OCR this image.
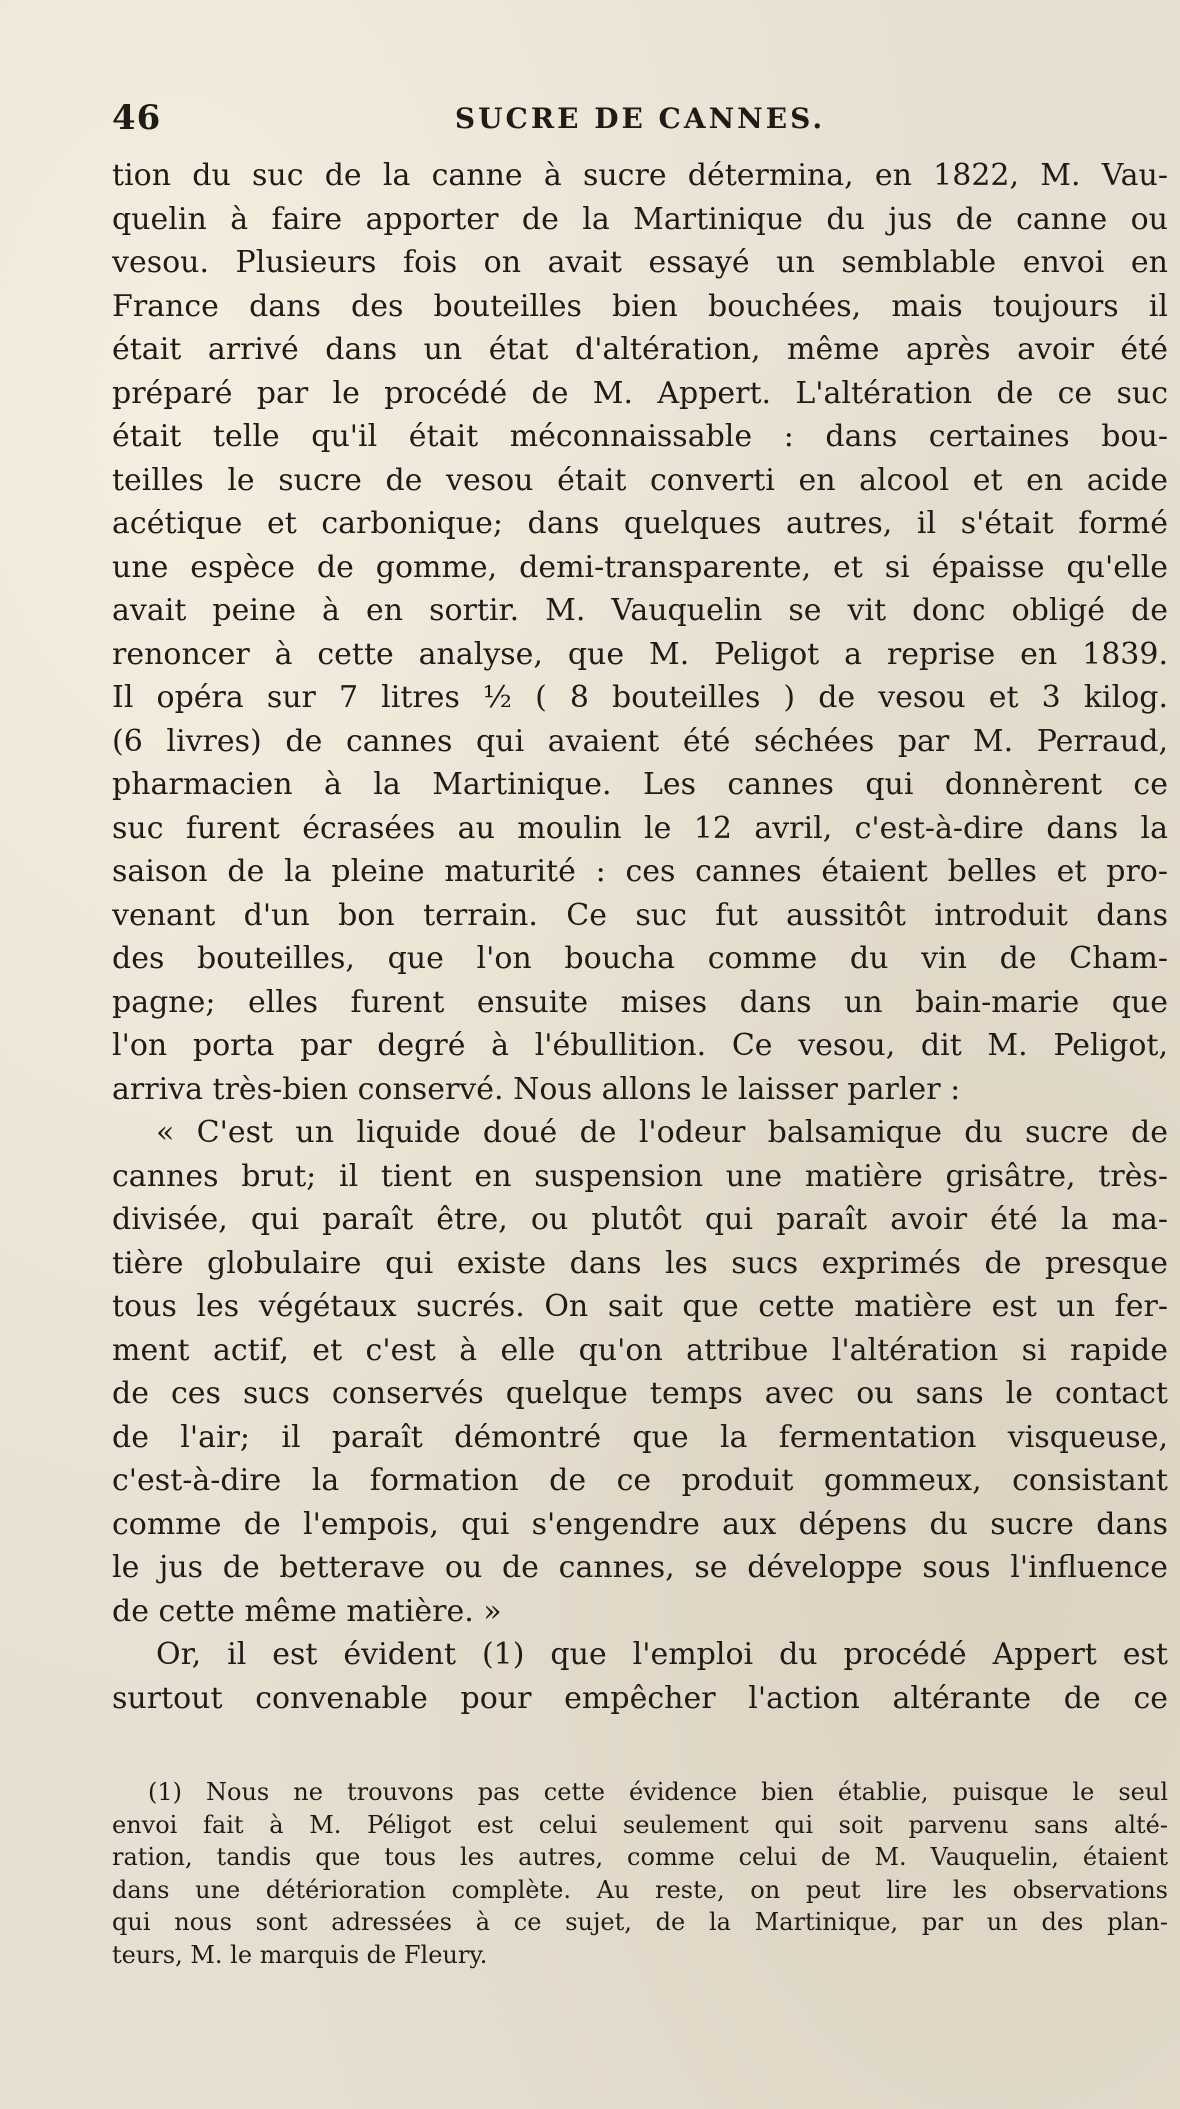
46	SUCRE DE CANNES.
tion du suc de la canne à sucre détermina, en 1822, M. Vau-
quelin à faire apporter de la Martinique du jus de canne ou
vesou. Plusieurs fois on avait essayé un semblable envoi en
France dans des bouteilles bien bouchées, mais toujours il
était arrivé dans un état d'altération, même après avoir été
préparé par le procédé de M. Appert. L'altération de ce suc
était telle qu'il était méconnaissable : dans certaines bou-
teilles le sucre de vesou était converti en alcool et en acide
acétique et carbonique; dans quelques autres, il s'était formé
une espèce de gomme, demi-transparente, et si épaisse qu'elle
avait peine à en sortir. M. Vauquelin se vit donc obligé de
renoncer à cette analyse, que M. Peligot a reprise en 1839.
Il opéra sur 7 litres ½ ( 8 bouteilles ) de vesou et 3 kilog.
(6 livres) de cannes qui avaient été séchées par M. Perraud,
pharmacien à la Martinique. Les cannes qui donnèrent ce
suc furent écrasées au moulin le 12 avril, c'est-à-dire dans la
saison de la pleine maturité : ces cannes étaient belles et pro-
venant d'un bon terrain. Ce suc fut aussitôt introduit dans
des bouteilles, que l'on boucha comme du vin de Cham-
pagne; elles furent ensuite mises dans un bain-marie que
l'on porta par degré à l'ébullition. Ce vesou, dit M. Peligot,
arriva très-bien conservé. Nous allons le laisser parler :
« C'est un liquide doué de l'odeur balsamique du sucre de
cannes brut; il tient en suspension une matière grisâtre, très-
divisée, qui paraît être, ou plutôt qui paraît avoir été la ma-
tière globulaire qui existe dans les sucs exprimés de presque
tous les végétaux sucrés. On sait que cette matière est un fer-
ment actif, et c'est à elle qu'on attribue l'altération si rapide
de ces sucs conservés quelque temps avec ou sans le contact
de l'air; il paraît démontré que la fermentation visqueuse,
c'est-à-dire la formation de ce produit gommeux, consistant
comme de l'empois, qui s'engendre aux dépens du sucre dans
le jus de betterave ou de cannes, se développe sous l'influence
de cette même matière. »
Or, il est évident (1) que l'emploi du procédé Appert est
surtout convenable pour empêcher l'action altérante de ce
(1) Nous ne trouvons pas cette évidence bien établie, puisque le seul
envoi fait à M. Péligot est celui seulement qui soit parvenu sans alté-
ration, tandis que tous les autres, comme celui de M. Vauquelin, étaient
dans une détérioration complète. Au reste, on peut lire les observations
qui nous sont adressées à ce sujet, de la Martinique, par un des plan-
teurs, M. le marquis de Fleury.
